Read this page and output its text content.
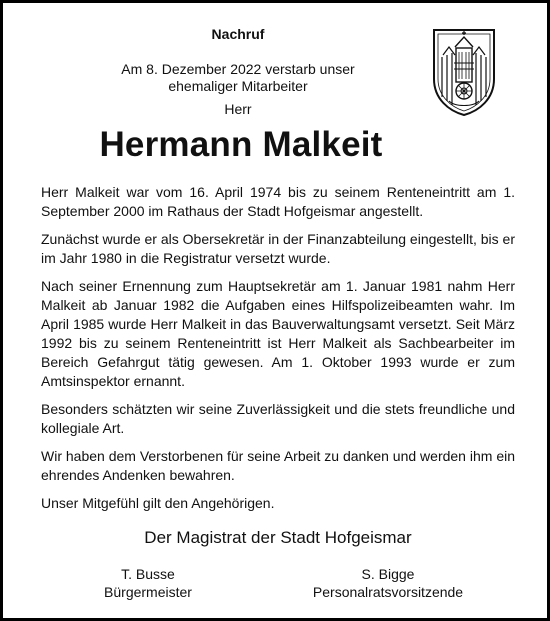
Nachruf
Am 8. Dezember 2022 verstarb unser
ehemaliger Mitarbeiter
Herr
Hermann Malkeit

Herr Malkeit war vom 16. April 1974 bis zu seinem Renteneintritt am 1. September 2000 im Rathaus der Stadt Hofgeismar angestellt.

Zunächst wurde er als Obersekretär in der Finanzabteilung eingestellt, bis er im Jahr 1980 in die Registratur versetzt wurde.

Nach seiner Ernennung zum Hauptsekretär am 1. Januar 1981 nahm Herr Malkeit ab Januar 1982 die Aufgaben eines Hilfspolizeibeamten wahr. Im April 1985 wurde Herr Malkeit in das Bauverwaltungsamt versetzt. Seit März 1992 bis zu seinem Renteneintritt ist Herr Malkeit als Sachbearbeiter im Bereich Gefahrgut tätig gewesen. Am 1. Oktober 1993 wurde er zum Amtsinspektor ernannt.

Besonders schätzten wir seine Zuverlässigkeit und die stets freundliche und kollegiale Art.

Wir haben dem Verstorbenen für seine Arbeit zu danken und werden ihm ein ehrendes Andenken bewahren.

Unser Mitgefühl gilt den Angehörigen.

Der Magistrat der Stadt Hofgeismar
T. Busse
Bürgermeister
S. Bigge
Personalratsvorsitzende
